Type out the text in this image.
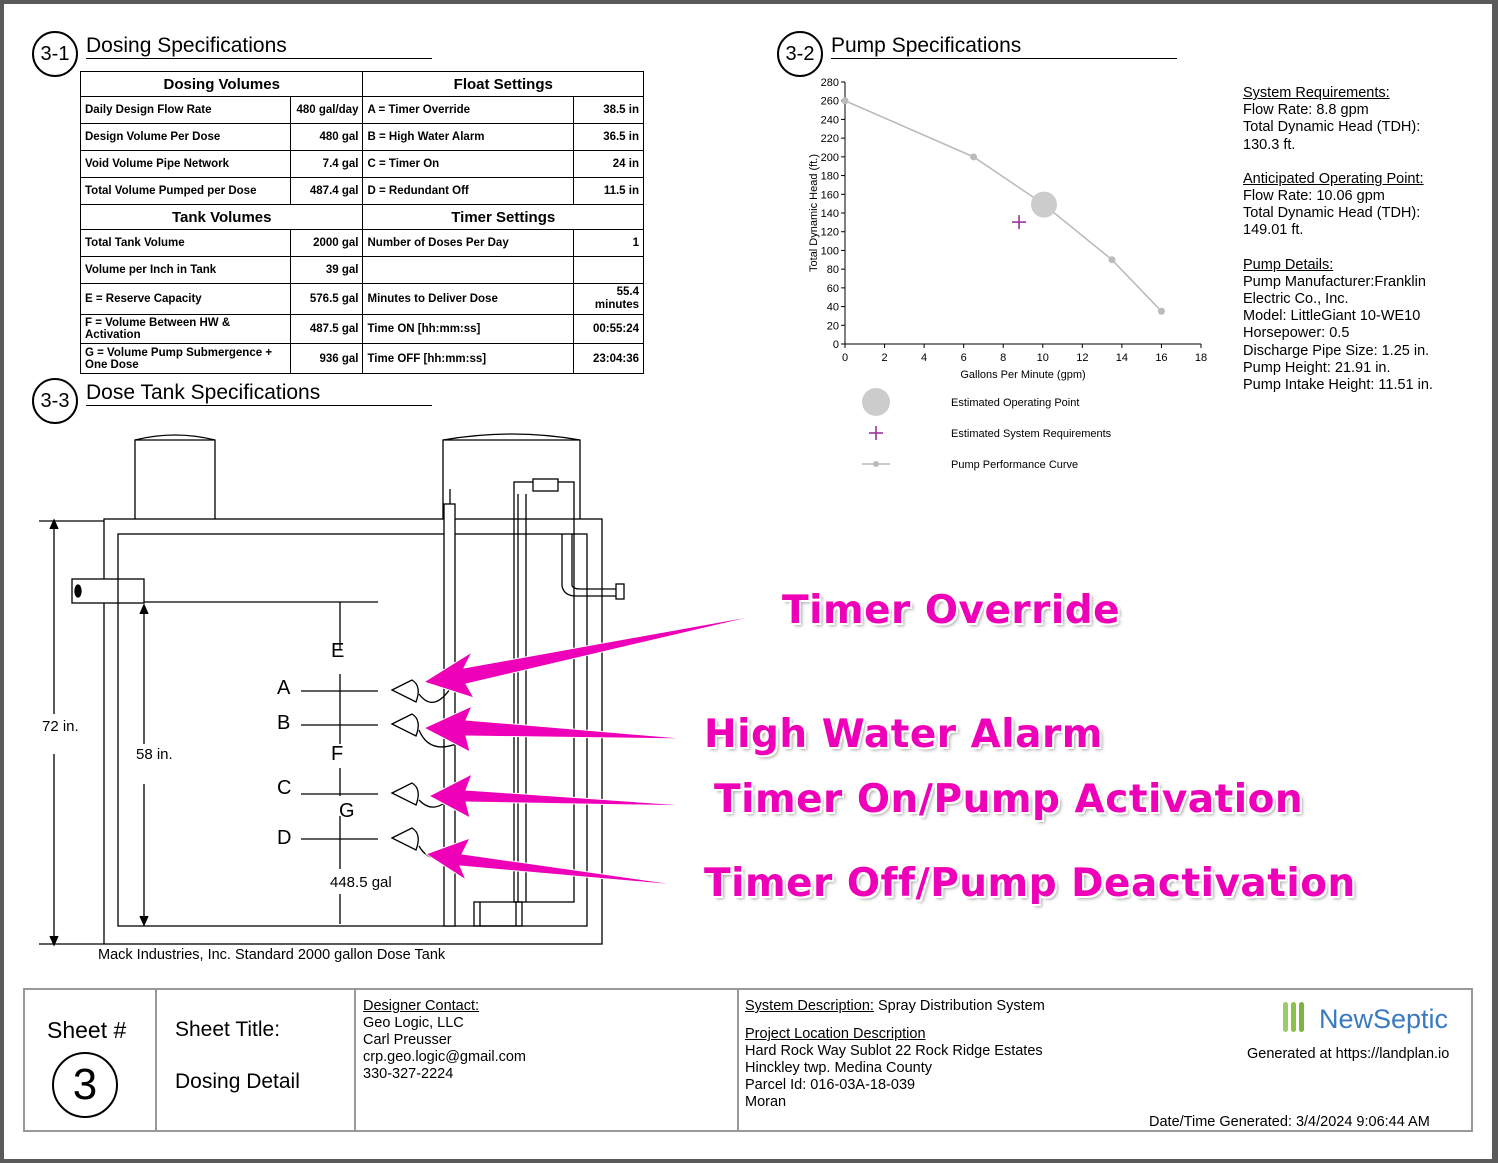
3-1 Dosing Specifications	3-2 Pump Specifications
3-3 Dose Tank Specifications
Dosing Volumes		Float Settings	
Daily Design Flow Rate	480 gal/day	A = Timer Override	38.5 in
Design Volume Per Dose	480 gal	B = High Water Alarm	36.5 in
Void Volume Pipe Network	7.4 gal	C = Timer On	24 in
Total Volume Pumped per Dose	487.4 gal	D = Redundant Off	11.5 in
Tank Volumes		Timer Settings	
Total Tank Volume	2000 gal	Number of Doses Per Day	1
Volume per Inch in Tank	39 gal		
E = Reserve Capacity	576.5 gal	Minutes to Deliver Dose	55.4 minutes
F = Volume Between HW & Activation	487.5 gal	Time ON [hh:mm:ss]	00:55:24
G = Volume Pump Submergence + One Dose	936 gal	Time OFF [hh:mm:ss]	23:04:36
0
20
40
60
80
100
120
140
160
180
200
220
240
260
280
0	2	4	6	8	10 12 14 16 18
Gallons Per Minute (gpm)
Total Dynamic Head (ft.)
Estimated Operating Point
Estimated System Requirements
Pump Performance Curve
System Requirements:
Flow Rate: 8.8 gpm
Total Dynamic Head (TDH):
130.3 ft.
Anticipated Operating Point:
Flow Rate: 10.06 gpm
Total Dynamic Head (TDH):
149.01 ft.
Pump Details:
Pump Manufacturer:Franklin
Electric Co., Inc.
Model: LittleGiant 10-WE10
Horsepower: 0.5
Discharge Pipe Size: 1.25 in.
Pump Height: 21.91 in.
Pump Intake Height: 11.51 in.
72 in.
58 in.
E
F
G
A
B
C
D
448.5 gal
Mack Industries, Inc. Standard 2000 gallon Dose Tank
Timer Override
High Water Alarm
Timer On/Pump Activation
Timer Off/Pump Deactivation
Sheet #
3
Sheet Title:
Dosing Detail
Designer Contact:
Geo Logic, LLC
Carl Preusser
crp.geo.logic@gmail.com
330-327-2224
System Description: Spray Distribution System
Project Location Description
Hard Rock Way Sublot 22 Rock Ridge Estates
Hinckley twp. Medina County
Parcel Id: 016-03A-18-039
Moran
NewSeptic
Generated at https://landplan.io
Date/Time Generated: 3/4/2024 9:06:44 AM
